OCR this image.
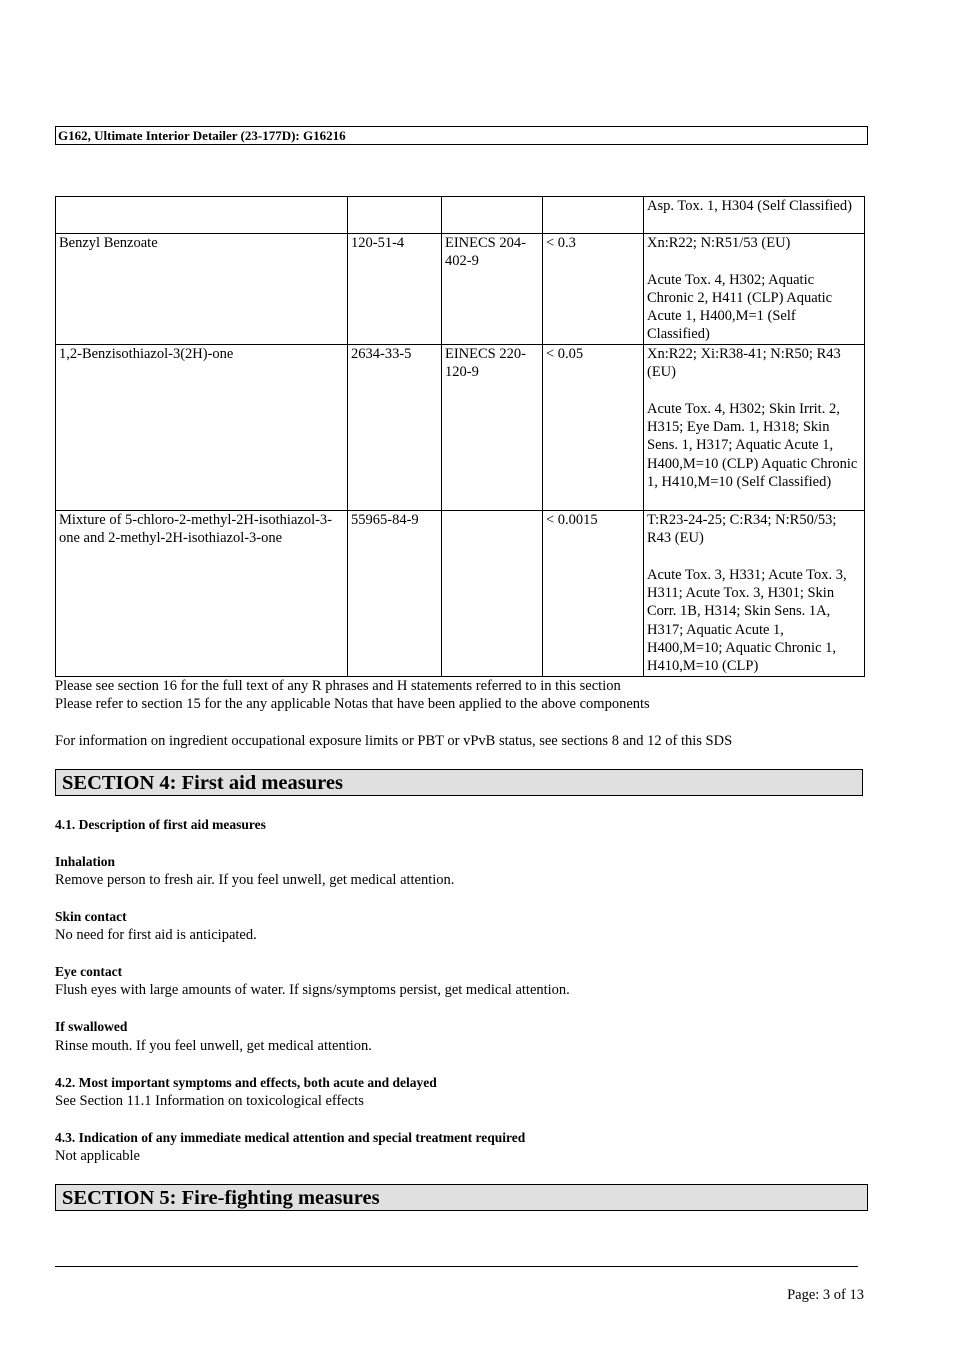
G162, Ultimate Interior Detailer (23-177D): G16216

				Asp. Tox. 1, H304 (Self Classified)

Benzyl Benzoate	120-51-4	EINECS 204-402-9	< 0.3	Xn:R22; N:R51/53 (EU)
Acute Tox. 4, H302; Aquatic Chronic 2, H411 (CLP) Aquatic Acute 1, H400,M=1 (Self Classified)

1,2-Benzisothiazol-3(2H)-one	2634-33-5	EINECS 220-120-9	< 0.05	Xn:R22; Xi:R38-41; N:R50; R43 (EU)
Acute Tox. 4, H302; Skin Irrit. 2, H315; Eye Dam. 1, H318; Skin Sens. 1, H317; Aquatic Acute 1, H400,M=10 (CLP) Aquatic Chronic 1, H410,M=10 (Self Classified)

Mixture of 5-chloro-2-methyl-2H-isothiazol-3-one and 2-methyl-2H-isothiazol-3-one	55965-84-9		< 0.0015	T:R23-24-25; C:R34; N:R50/53; R43 (EU)
Acute Tox. 3, H331; Acute Tox. 3, H311; Acute Tox. 3, H301; Skin Corr. 1B, H314; Skin Sens. 1A, H317; Aquatic Acute 1, H400,M=10; Aquatic Chronic 1, H410,M=10 (CLP)
Please see section 16 for the full text of any R phrases and H statements referred to in this section
Please refer to section 15 for the any applicable Notas that have been applied to the above components
For information on ingredient occupational exposure limits or PBT or vPvB status, see sections 8 and 12 of this SDS
SECTION 4: First aid measures
4.1. Description of first aid measures
Inhalation
Remove person to fresh air. If you feel unwell, get medical attention.
Skin contact
No need for first aid is anticipated.
Eye contact
Flush eyes with large amounts of water. If signs/symptoms persist, get medical attention.
If swallowed
Rinse mouth. If you feel unwell, get medical attention.
4.2. Most important symptoms and effects, both acute and delayed
See Section 11.1 Information on toxicological effects
4.3. Indication of any immediate medical attention and special treatment required
Not applicable
SECTION 5: Fire-fighting measures
Page: 3 of 13
